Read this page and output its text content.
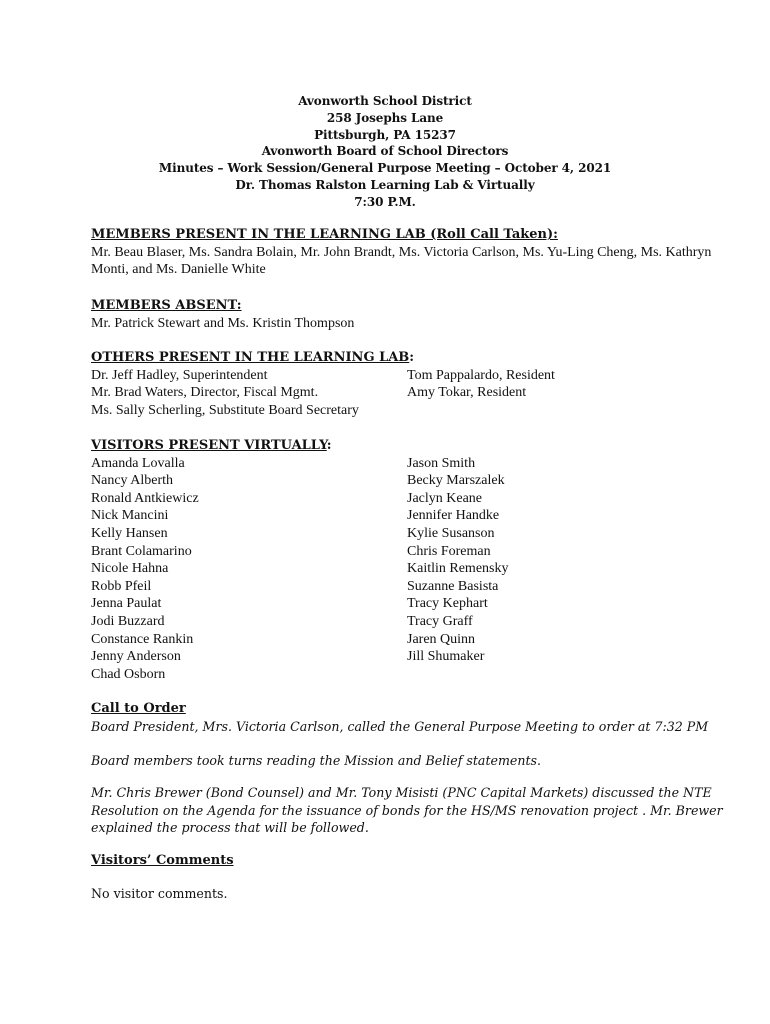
Avonworth School District
258 Josephs Lane
Pittsburgh, PA 15237
Avonworth Board of School Directors
Minutes – Work Session/General Purpose Meeting – October 4, 2021
Dr. Thomas Ralston Learning Lab & Virtually
7:30 P.M.
MEMBERS PRESENT IN THE LEARNING LAB (Roll Call Taken):
Mr. Beau Blaser, Ms. Sandra Bolain, Mr. John Brandt, Ms. Victoria Carlson, Ms. Yu-Ling Cheng, Ms. Kathryn Monti, and Ms. Danielle White
MEMBERS ABSENT:
Mr. Patrick Stewart and Ms. Kristin Thompson
OTHERS PRESENT IN THE LEARNING LAB:
Dr. Jeff Hadley, Superintendent
Mr. Brad Waters, Director, Fiscal Mgmt.
Ms. Sally Scherling, Substitute Board Secretary
Tom Pappalardo, Resident
Amy Tokar, Resident
VISITORS PRESENT VIRTUALLY:
Amanda Lovalla
Nancy Alberth
Ronald Antkiewicz
Nick Mancini
Kelly Hansen
Brant Colamarino
Nicole Hahna
Robb Pfeil
Jenna Paulat
Jodi Buzzard
Constance Rankin
Jenny Anderson
Chad Osborn
Jason Smith
Becky Marszalek
Jaclyn Keane
Jennifer Handke
Kylie Susanson
Chris Foreman
Kaitlin Remensky
Suzanne Basista
Tracy Kephart
Tracy Graff
Jaren Quinn
Jill Shumaker
Call to Order
Board President, Mrs. Victoria Carlson, called the General Purpose Meeting to order at 7:32 PM
Board members took turns reading the Mission and Belief statements.
Mr. Chris Brewer (Bond Counsel) and Mr. Tony Misisti (PNC Capital Markets) discussed the NTE Resolution on the Agenda for the issuance of bonds for the HS/MS renovation project . Mr. Brewer explained the process that will be followed.
Visitors’ Comments
No visitor comments.
